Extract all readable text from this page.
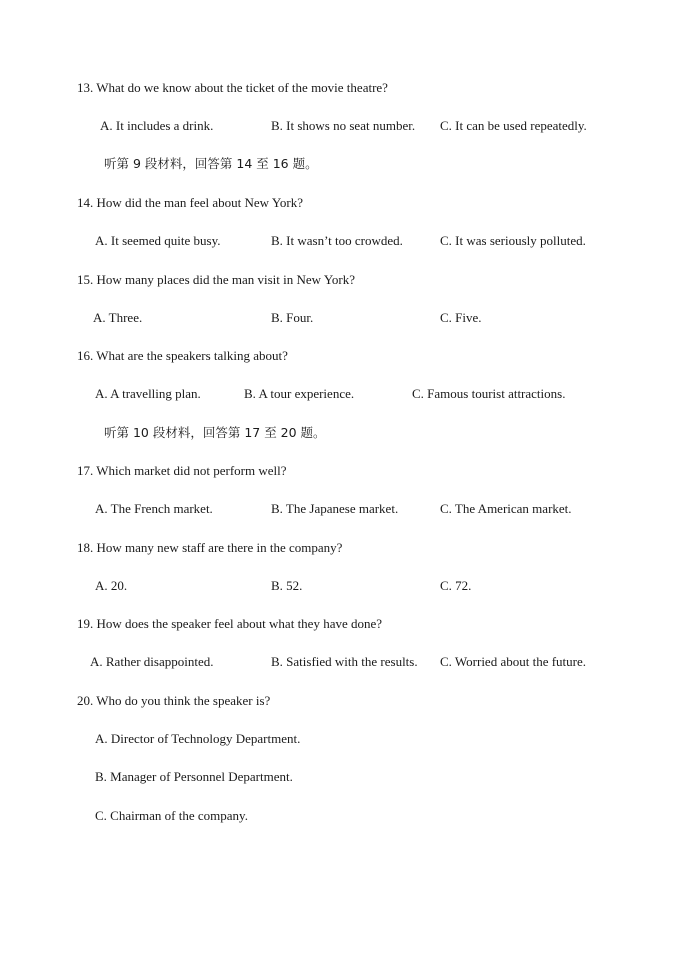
13. What do we know about the ticket of the movie theatre?
A. It includes a drink.	B. It shows no seat number. C. It can be used repeatedly.
听第 9 段材料，回答第 14 至 16 题。
14. How did the man feel about New York?
A. It seemed quite busy.	B. It wasn’t too crowded.	C. It was seriously polluted.
15. How many places did the man visit in New York?
A. Three.	B. Four.	C. Five.
16. What are the speakers talking about?
A. A travelling plan.	B. A tour experience.	C. Famous tourist attractions.
听第 10 段材料，回答第 17 至 20 题。
17. Which market did not perform well?
A. The French market.	B. The Japanese market.	C. The American market.
18. How many new staff are there in the company?
A. 20.	B. 52.	C. 72.
19. How does the speaker feel about what they have done?
A. Rather disappointed.	B. Satisfied with the results. C. Worried about the future.
20. Who do you think the speaker is?
A. Director of Technology Department.
B. Manager of Personnel Department.
C. Chairman of the company.
